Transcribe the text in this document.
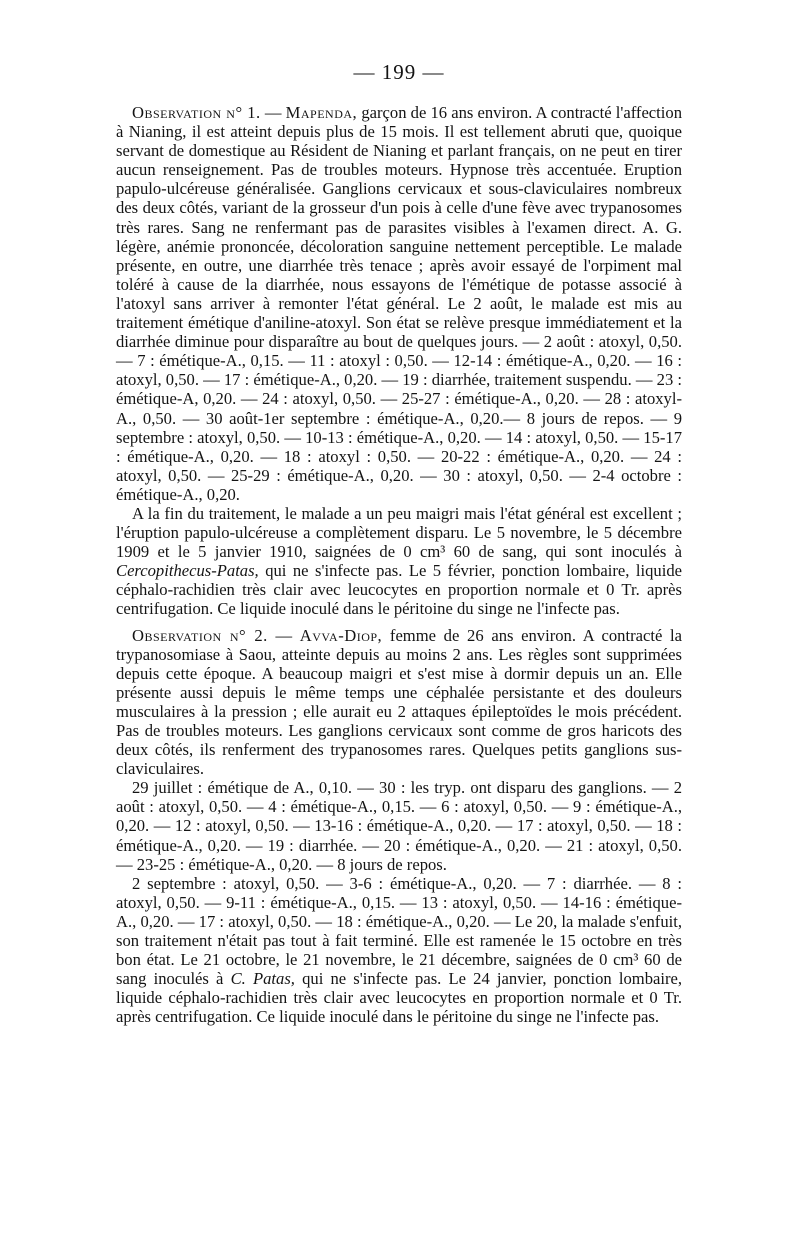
— 199 —

Observation n° 1. — Mapenda, garçon de 16 ans environ. A contracté l'affection à Nianing, il est atteint depuis plus de 15 mois. Il est tellement abruti que, quoique servant de domestique au Résident de Nianing et parlant français, on ne peut en tirer aucun renseignement. Pas de troubles moteurs. Hypnose très accentuée. Eruption papulo-ulcéreuse généralisée. Ganglions cervicaux et sous-claviculaires nombreux des deux côtés, variant de la grosseur d'un pois à celle d'une fève avec trypanosomes très rares. Sang ne renfermant pas de parasites visibles à l'examen direct. A. G. légère, anémie prononcée, décoloration sanguine nettement perceptible. Le malade présente, en outre, une diarrhée très tenace ; après avoir essayé de l'orpiment mal toléré à cause de la diarrhée, nous essayons de l'émétique de potasse associé à l'atoxyl sans arriver à remonter l'état général. Le 2 août, le malade est mis au traitement émétique d'aniline-atoxyl. Son état se relève presque immédiatement et la diarrhée diminue pour disparaître au bout de quelques jours. — 2 août : atoxyl, 0,50. — 7 : émétique-A., 0,15. — 11 : atoxyl : 0,50. — 12-14 : émétique-A., 0,20. — 16 : atoxyl, 0,50. — 17 : émétique-A., 0,20. — 19 : diarrhée, traitement suspendu. — 23 : émétique-A, 0,20. — 24 : atoxyl, 0,50. — 25-27 : émétique-A., 0,20. — 28 : atoxyl-A., 0,50. — 30 août-1er septembre : émétique-A., 0,20.— 8 jours de repos. — 9 septembre : atoxyl, 0,50. — 10-13 : émétique-A., 0,20. — 14 : atoxyl, 0,50. — 15-17 : émétique-A., 0,20. — 18 : atoxyl : 0,50. — 20-22 : émétique-A., 0,20. — 24 : atoxyl, 0,50. — 25-29 : émétique-A., 0,20. — 30 : atoxyl, 0,50. — 2-4 octobre : émétique-A., 0,20.

A la fin du traitement, le malade a un peu maigri mais l'état général est excellent ; l'éruption papulo-ulcéreuse a complètement disparu. Le 5 novembre, le 5 décembre 1909 et le 5 janvier 1910, saignées de 0 cm³ 60 de sang, qui sont inoculés à Cercopithecus-Patas, qui ne s'infecte pas. Le 5 février, ponction lombaire, liquide céphalo-rachidien très clair avec leucocytes en proportion normale et 0 Tr. après centrifugation. Ce liquide inoculé dans le péritoine du singe ne l'infecte pas.

Observation n° 2. — Avva-Diop, femme de 26 ans environ. A contracté la trypanosomiase à Saou, atteinte depuis au moins 2 ans. Les règles sont supprimées depuis cette époque. A beaucoup maigri et s'est mise à dormir depuis un an. Elle présente aussi depuis le même temps une céphalée persistante et des douleurs musculaires à la pression ; elle aurait eu 2 attaques épileptoïdes le mois précédent. Pas de troubles moteurs. Les ganglions cervicaux sont comme de gros haricots des deux côtés, ils renferment des trypanosomes rares. Quelques petits ganglions sus-claviculaires.

29 juillet : émétique de A., 0,10. — 30 : les tryp. ont disparu des ganglions. — 2 août : atoxyl, 0,50. — 4 : émétique-A., 0,15. — 6 : atoxyl, 0,50. — 9 : émétique-A., 0,20. — 12 : atoxyl, 0,50. — 13-16 : émétique-A., 0,20. — 17 : atoxyl, 0,50. — 18 : émétique-A., 0,20. — 19 : diarrhée. — 20 : émétique-A., 0,20. — 21 : atoxyl, 0,50. — 23-25 : émétique-A., 0,20. — 8 jours de repos.

2 septembre : atoxyl, 0,50. — 3-6 : émétique-A., 0,20. — 7 : diarrhée. — 8 : atoxyl, 0,50. — 9-11 : émétique-A., 0,15. — 13 : atoxyl, 0,50. — 14-16 : émétique-A., 0,20. — 17 : atoxyl, 0,50. — 18 : émétique-A., 0,20. — Le 20, la malade s'enfuit, son traitement n'était pas tout à fait terminé. Elle est ramenée le 15 octobre en très bon état. Le 21 octobre, le 21 novembre, le 21 décembre, saignées de 0 cm³ 60 de sang inoculés à C. Patas, qui ne s'infecte pas. Le 24 janvier, ponction lombaire, liquide céphalo-rachidien très clair avec leucocytes en proportion normale et 0 Tr. après centrifugation. Ce liquide inoculé dans le péritoine du singe ne l'infecte pas.
